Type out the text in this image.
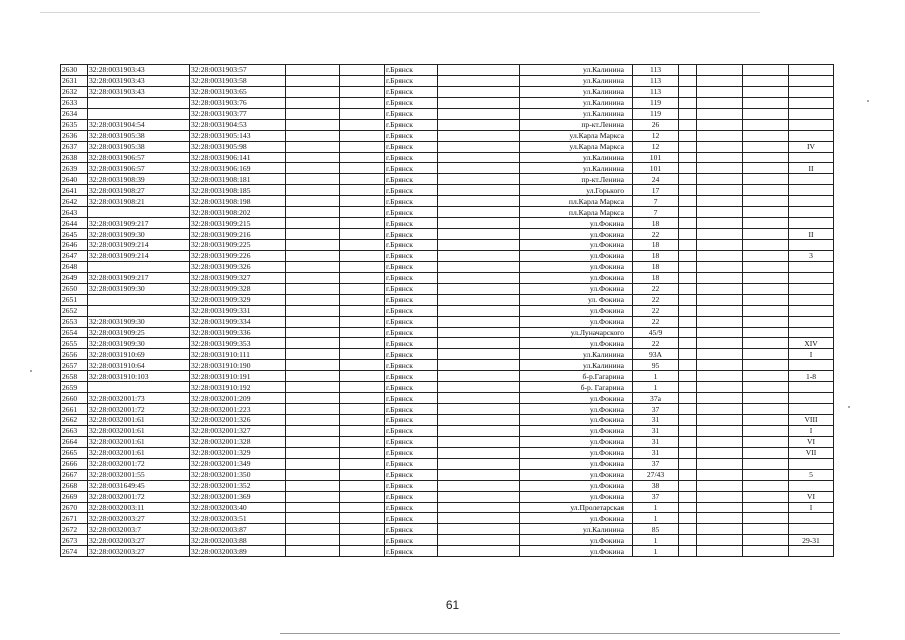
2630	32:28:0031903:43	32:28:0031903:57			г.Брянск		ул.Калинина	113				
2631	32:28:0031903:43	32:28:0031903:58			г.Брянск		ул.Калинина	113				
2632	32:28:0031903:43	32:28:0031903:65			г.Брянск		ул.Калинина	113				
2633		32:28:0031903:76			г.Брянск		ул.Калинина	119				
2634		32:28:0031903:77			г.Брянск		ул.Калинина	119				
2635	32:28:0031904:54	32:28:0031904:53			г.Брянск		пр-кт.Ленина	26				
2636	32:28:0031905:38	32:28:0031905:143			г.Брянск		ул.Карла Маркса	12				
2637	32:28:0031905:38	32:28:0031905:98			г.Брянск		ул.Карла Маркса	12				IV
2638	32:28:0031906:57	32:28:0031906:141			г.Брянск		ул.Калинина	101				
2639	32:28:0031906:57	32:28:0031906:169			г.Брянск		ул.Калинина	101				II
2640	32:28:0031908:39	32:28:0031908:181			г.Брянск		пр-кт.Ленина	24				
2641	32:28:0031908:27	32:28:0031908:185			г.Брянск		ул.Горького	17				
2642	32:28:0031908:21	32:28:0031908:198			г.Брянск		пл.Карла Маркса	7				
2643		32:28:0031908:202			г.Брянск		пл.Карла Маркса	7				
2644	32:28:0031909:217	32:28:0031909:215			г.Брянск		ул.Фокина	18				
2645	32:28:0031909:30	32:28:0031909:216			г.Брянск		ул.Фокина	22				II
2646	32:28:0031909:214	32:28:0031909:225			г.Брянск		ул.Фокина	18				
2647	32:28:0031909:214	32:28:0031909:226			г.Брянск		ул.Фокина	18				3
2648		32:28:0031909:326			г.Брянск		ул.Фокина	18				
2649	32:28:0031909:217	32:28:0031909:327			г.Брянск		ул.Фокина	18				
2650	32:28:0031909:30	32:28:0031909:328			г.Брянск		ул.Фокина	22				
2651		32:28:0031909:329			г.Брянск		ул. Фокина	22				
2652		32:28:0031909:331			г.Брянск		ул.Фокина	22				
2653	32:28:0031909:30	32:28:0031909:334			г.Брянск		ул.Фокина	22				
2654	32:28:0031909:25	32:28:0031909:336			г.Брянск		ул.Луначарского	45/9				
2655	32:28:0031909:30	32:28:0031909:353			г.Брянск		ул.Фокина	22				XIV
2656	32:28:0031910:69	32:28:0031910:111			г.Брянск		ул.Калинина	93А				I
2657	32:28:0031910:64	32:28:0031910:190			г.Брянск		ул.Калинина	95				
2658	32:28:0031910:103	32:28:0031910:191			г.Брянск		б-р.Гагарина	1				1-8
2659		32:28:0031910:192			г.Брянск		б-р. Гагарина	1				
2660	32:28:0032001:73	32:28:0032001:209			г.Брянск		ул.Фокина	37а				
2661	32:28:0032001:72	32:28:0032001:223			г.Брянск		ул.Фокина	37				
2662	32:28:0032001:61	32:28:0032001:326			г.Брянск		ул.Фокина	31				VIII
2663	32:28:0032001:61	32:28:0032001:327			г.Брянск		ул.Фокина	31				I
2664	32:28:0032001:61	32:28:0032001:328			г.Брянск		ул.Фокина	31				VI
2665	32:28:0032001:61	32:28:0032001:329			г.Брянск		ул.Фокина	31				VII
2666	32:28:0032001:72	32:28:0032001:349			г.Брянск		ул.Фокина	37				
2667	32:28:0032001:55	32:28:0032001:350			г.Брянск		ул.Фокина	27/43				5
2668	32:28:0031649:45	32:28:0032001:352			г.Брянск		ул.Фокина	38				
2669	32:28:0032001:72	32:28:0032001:369			г.Брянск		ул.Фокина	37				VI
2670	32:28:0032003:11	32:28:0032003:40			г.Брянск		ул.Пролетарская	1				I
2671	32:28:0032003:27	32:28:0032003:51			г.Брянск		ул.Фокина	1				
2672	32:28:0032003:7	32:28:0032003:87			г.Брянск		ул.Калинина	85				
2673	32:28:0032003:27	32:28:0032003:88			г.Брянск		ул.Фокина	1				29-31
2674	32:28:0032003:27	32:28:0032003:89			г.Брянск		ул.Фокина	1				
61
